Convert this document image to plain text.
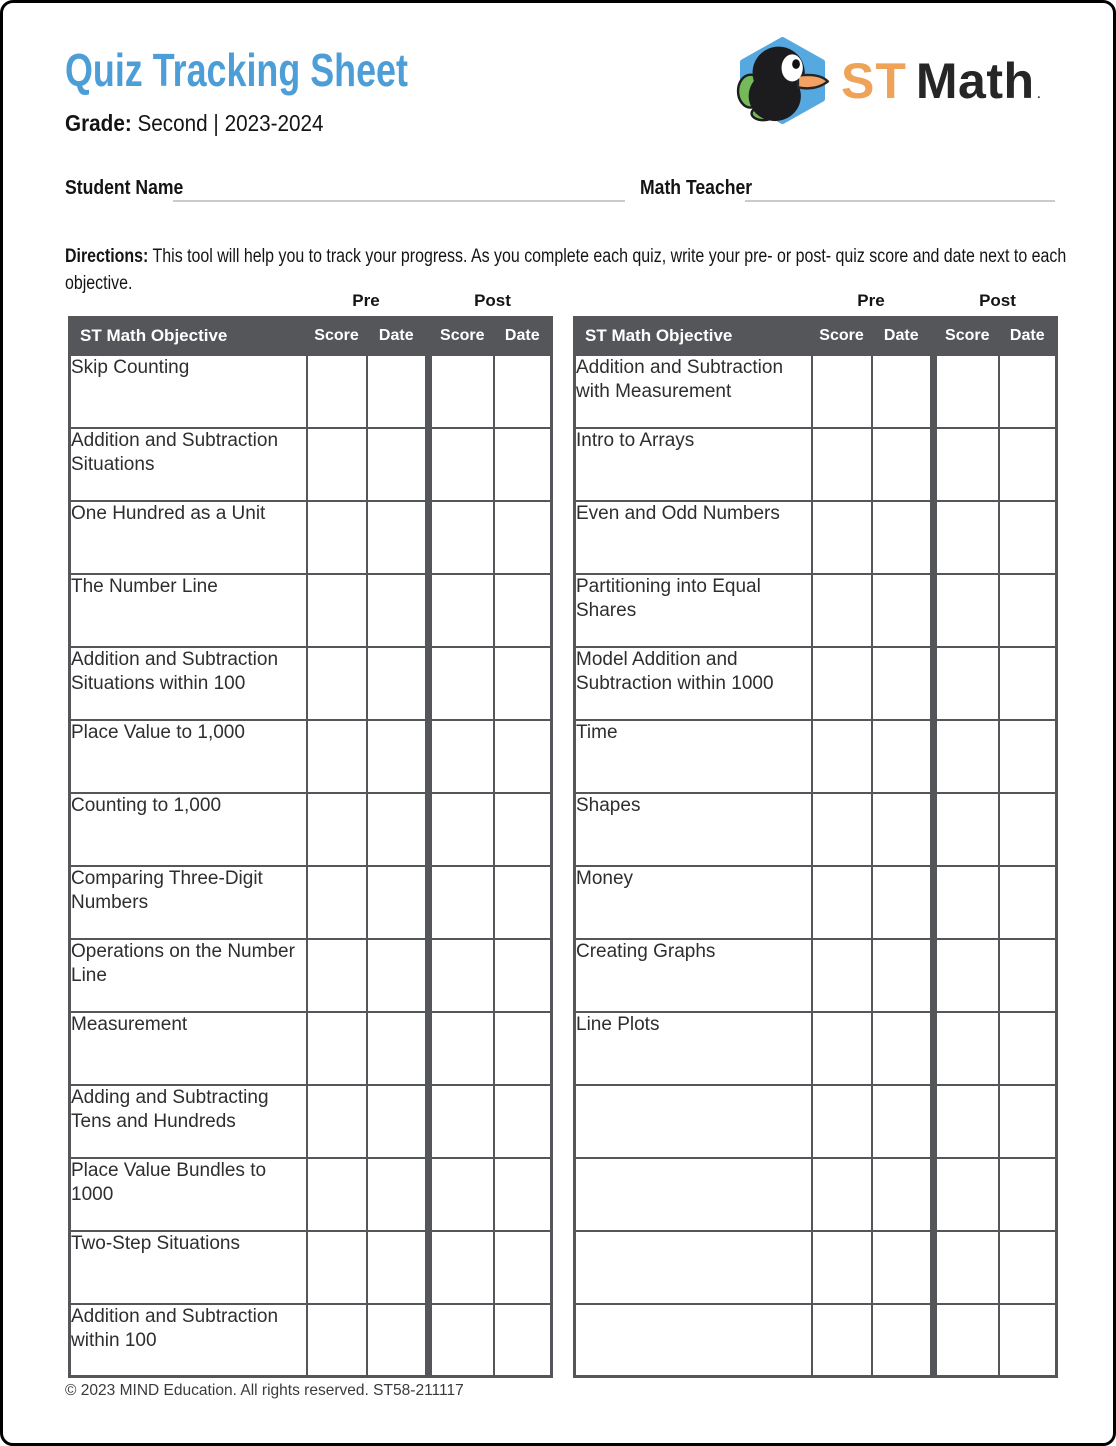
Quiz Tracking Sheet	ST Math .
Grade: Second | 2023-2024
Student Name	Math Teacher
Directions: This tool will help you to track your progress. As you complete each quiz, write your pre- or post- quiz score and date next to each
objective.
Pre	Post	Pre	Post
ST Math Objective	Score	Date	Score	Date
Skip Counting				
Addition and Subtraction Situations				
One Hundred as a Unit				
The Number Line				
Addition and Subtraction Situations within 100				
Place Value to 1,000				
Counting to 1,000				
Comparing Three-Digit Numbers				
Operations on the Number Line				
Measurement				
Adding and Subtracting Tens and Hundreds				
Place Value Bundles to 1000				
Two-Step Situations				
Addition and Subtraction within 100				
ST Math Objective	Score	Date	Score	Date
Addition and Subtraction with Measurement				
Intro to Arrays				
Even and Odd Numbers				
Partitioning into Equal Shares				
Model Addition and Subtraction within 1000				
Time				
Shapes				
Money				
Creating Graphs				
Line Plots				

© 2023 MIND Education. All rights reserved. ST58-211117
